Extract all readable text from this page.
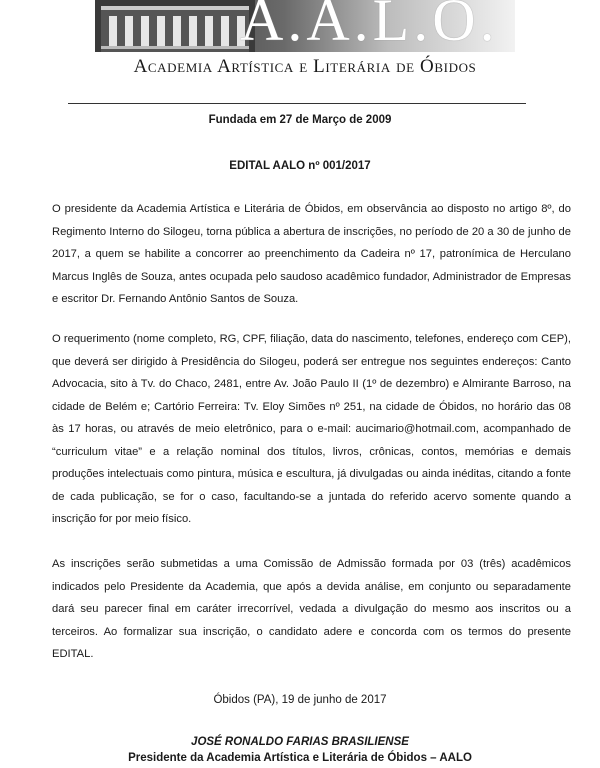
A.A.L.O.
Academia Artística e Literária de Óbidos
Fundada em 27 de Março de 2009
EDITAL AALO nº 001/2017
O presidente da Academia Artística e Literária de Óbidos, em observância ao disposto no artigo 8º, do Regimento Interno do Silogeu, torna pública a abertura de inscrições, no período de 20 a 30 de junho de 2017, a quem se habilite a concorrer ao preenchimento da Cadeira nº 17, patronímica de Herculano Marcus Inglês de Souza, antes ocupada pelo saudoso acadêmico fundador, Administrador de Empresas e escritor Dr. Fernando Antônio Santos de Souza.
O requerimento (nome completo, RG, CPF, filiação, data do nascimento, telefones, endereço com CEP), que deverá ser dirigido à Presidência do Silogeu, poderá ser entregue nos seguintes endereços: Canto Advocacia, sito à Tv. do Chaco, 2481, entre Av. João Paulo II (1º de dezembro) e Almirante Barroso, na cidade de Belém e; Cartório Ferreira: Tv. Eloy Simões nº 251, na cidade de Óbidos, no horário das 08 às 17 horas, ou através de meio eletrônico, para o e-mail: aucimario@hotmail.com, acompanhado de “curriculum vitae” e a relação nominal dos títulos, livros, crônicas, contos, memórias e demais produções intelectuais como pintura, música e escultura, já divulgadas ou ainda inéditas, citando a fonte de cada publicação, se for o caso, facultando-se a juntada do referido acervo somente quando a inscrição for por meio físico.
As inscrições serão submetidas a uma Comissão de Admissão formada por 03 (três) acadêmicos indicados pelo Presidente da Academia, que após a devida análise, em conjunto ou separadamente dará seu parecer final em caráter irrecorrível, vedada a divulgação do mesmo aos inscritos ou a terceiros. Ao formalizar sua inscrição, o candidato adere e concorda com os termos do presente EDITAL.
Óbidos (PA), 19 de junho de 2017
JOSÉ RONALDO FARIAS BRASILIENSE
Presidente da Academia Artística e Literária de Óbidos – AALO
